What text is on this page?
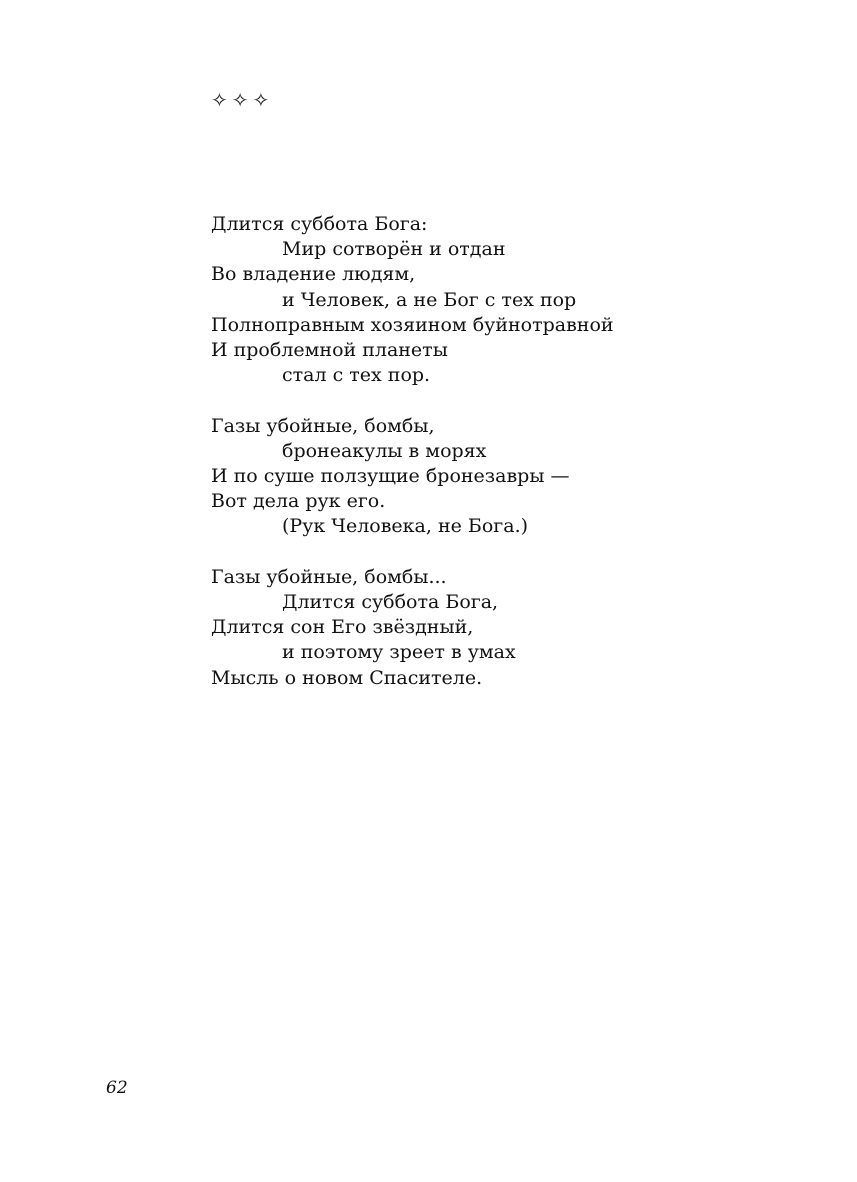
✧✧✧
Длится суббота Бога:
Мир сотворён и отдан
Во владение людям,
и Человек, а не Бог с тех пор
Полноправным хозяином буйнотравной
И проблемной планеты
стал с тех пор.
Газы убойные, бомбы,
бронеакулы в морях
И по суше ползущие бронезавры —
Вот дела рук его.
(Рук Человека, не Бога.)
Газы убойные, бомбы...
Длится суббота Бога,
Длится сон Его звёздный,
и поэтому зреет в умах
Мысль о новом Спасителе.
62
